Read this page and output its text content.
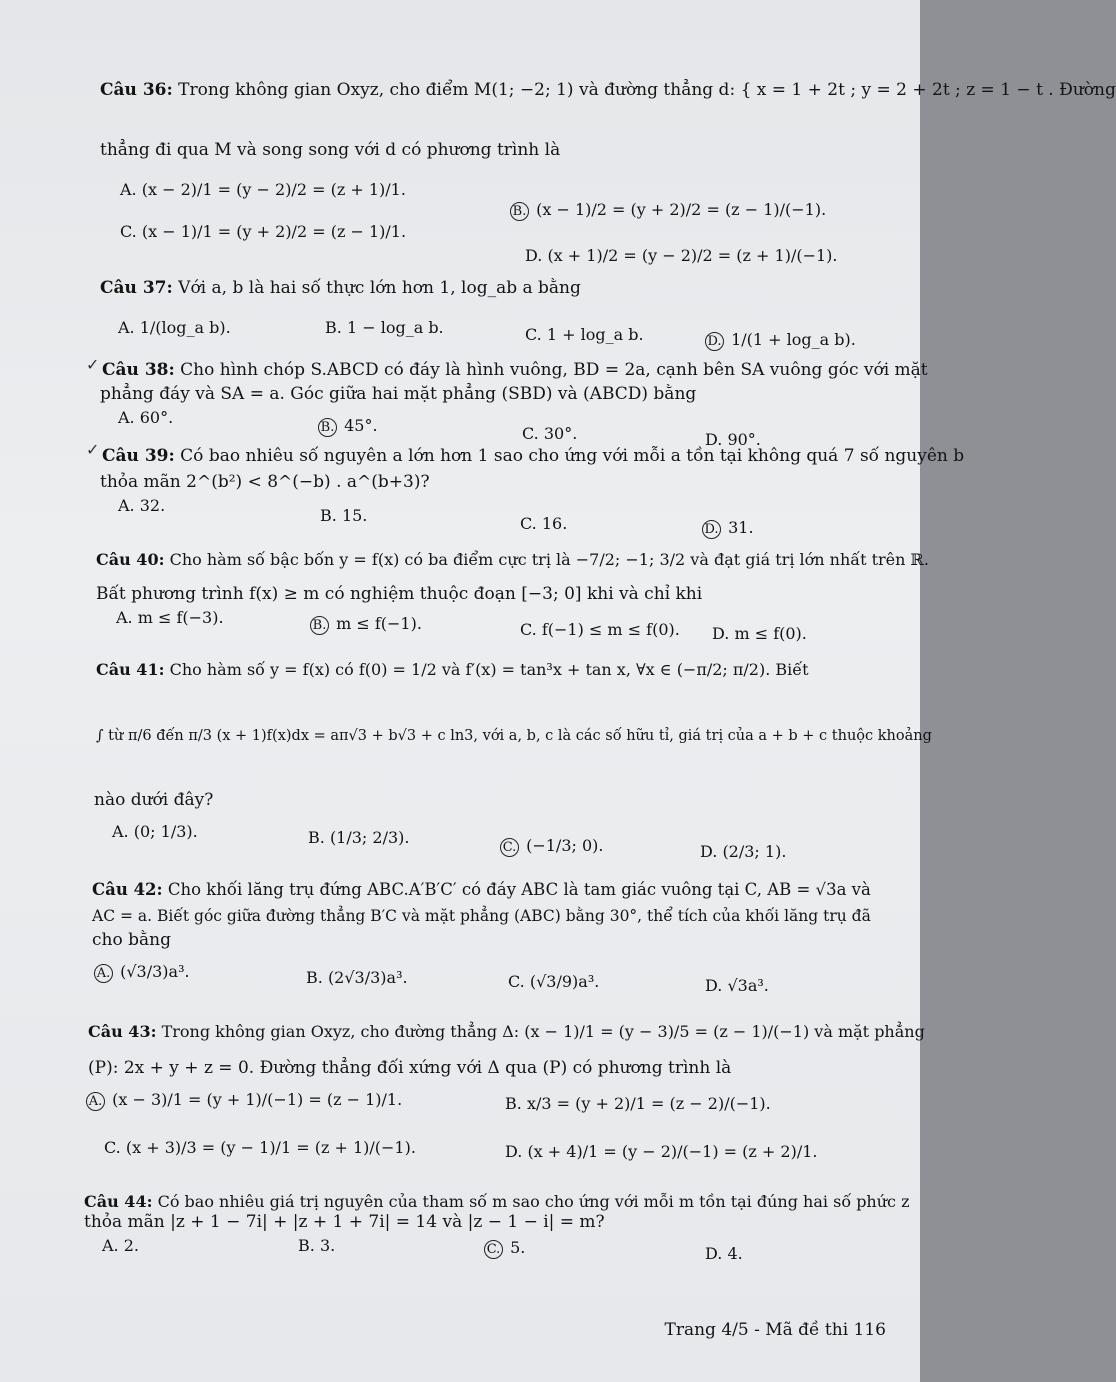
Câu 36: Trong không gian Oxyz, cho điểm M(1; −2; 1) và đường thẳng d: { x = 1 + 2t ; y = 2 + 2t ; z = 1 − t . Đường
thẳng đi qua M và song song với d có phương trình là
A. (x − 2)/1 = (y − 2)/2 = (z + 1)/1.
B. (x − 1)/2 = (y + 2)/2 = (z − 1)/(−1).
C. (x − 1)/1 = (y + 2)/2 = (z − 1)/1.
D. (x + 1)/2 = (y − 2)/2 = (z + 1)/(−1).
Câu 37: Với a, b là hai số thực lớn hơn 1, log_ab a bằng
A. 1/(log_a b).	B. 1 − log_a b.	C. 1 + log_a b.	D. 1/(1 + log_a b).
✓ Câu 38: Cho hình chóp S.ABCD có đáy là hình vuông, BD = 2a, cạnh bên SA vuông góc với mặt
phẳng đáy và SA = a. Góc giữa hai mặt phẳng (SBD) và (ABCD) bằng
A. 60°.
B. 45°.	C. 30°.	D. 90°.
✓ Câu 39: Có bao nhiêu số nguyên a lớn hơn 1 sao cho ứng với mỗi a tồn tại không quá 7 số nguyên b
thỏa mãn 2^(b²) < 8^(−b) . a^(b+3)?
A. 32.
B. 15.	C. 16.	D. 31.
Câu 40: Cho hàm số bậc bốn y = f(x) có ba điểm cực trị là −7/2; −1; 3/2 và đạt giá trị lớn nhất trên ℝ.
Bất phương trình f(x) ≥ m có nghiệm thuộc đoạn [−3; 0] khi và chỉ khi
A. m ≤ f(−3).	B. m ≤ f(−1).	C. f(−1) ≤ m ≤ f(0). D. m ≤ f(0).
Câu 41: Cho hàm số y = f(x) có f(0) = 1/2 và f′(x) = tan³x + tan x, ∀x ∈ (−π/2; π/2). Biết
∫ từ π/6 đến π/3 (x + 1)f(x)dx = aπ√3 + b√3 + c ln3, với a, b, c là các số hữu tỉ, giá trị của a + b + c thuộc khoảng
nào dưới đây?
A. (0; 1/3).	B. (1/3; 2/3).
C. (−1/3; 0).	D. (2/3; 1).
Câu 42: Cho khối lăng trụ đứng ABC.A′B′C′ có đáy ABC là tam giác vuông tại C, AB = √3a và
AC = a. Biết góc giữa đường thẳng B′C và mặt phẳng (ABC) bằng 30°, thể tích của khối lăng trụ đã
cho bằng
A. (√3/3)a³.	B. (2√3/3)a³.	C. (√3/9)a³.	D. √3a³.
Câu 43: Trong không gian Oxyz, cho đường thẳng Δ: (x − 1)/1 = (y − 3)/5 = (z − 1)/(−1) và mặt phẳng
(P): 2x + y + z = 0. Đường thẳng đối xứng với Δ qua (P) có phương trình là
A. (x − 3)/1 = (y + 1)/(−1) = (z − 1)/1.	B. x/3 = (y + 2)/1 = (z − 2)/(−1).
C. (x + 3)/3 = (y − 1)/1 = (z + 1)/(−1).	D. (x + 4)/1 = (y − 2)/(−1) = (z + 2)/1.
Câu 44: Có bao nhiêu giá trị nguyên của tham số m sao cho ứng với mỗi m tồn tại đúng hai số phức z
thỏa mãn |z + 1 − 7i| + |z + 1 + 7i| = 14 và |z − 1 − i| = m?
A. 2.	B. 3.	C. 5.	D. 4.
Trang 4/5 - Mã đề thi 116
